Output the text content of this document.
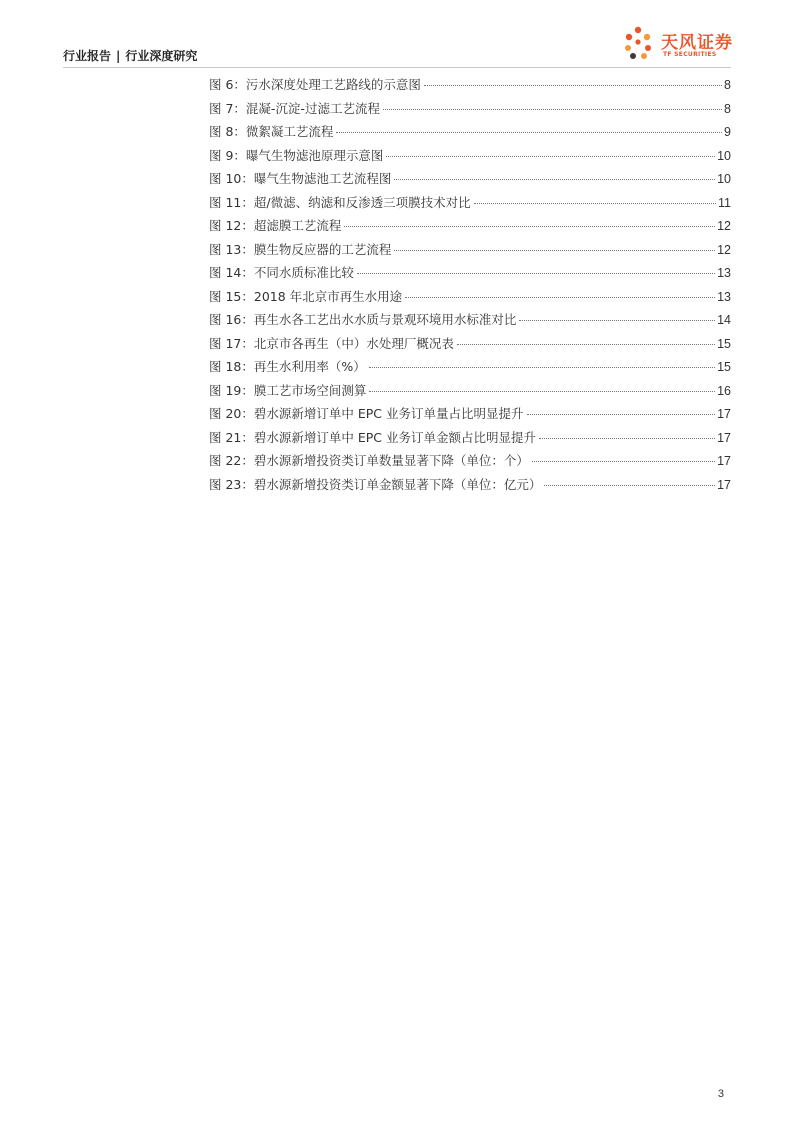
行业报告 | 行业深度研究
天风证券
TF SECURITIES
图 6：污水深度处理工艺路线的示意图	8
图 7：混凝-沉淀-过滤工艺流程	8
图 8：微絮凝工艺流程	9
图 9：曝气生物滤池原理示意图	10
图 10：曝气生物滤池工艺流程图	10
图 11：超/微滤、纳滤和反渗透三项膜技术对比	11
图 12：超滤膜工艺流程	12
图 13：膜生物反应器的工艺流程	12
图 14：不同水质标准比较	13
图 15：2018 年北京市再生水用途	13
图 16：再生水各工艺出水水质与景观环境用水标准对比	14
图 17：北京市各再生（中）水处理厂概况表	15
图 18：再生水利用率（%）	15
图 19：膜工艺市场空间测算	16
图 20：碧水源新增订单中 EPC 业务订单量占比明显提升	17
图 21：碧水源新增订单中 EPC 业务订单金额占比明显提升	17
图 22：碧水源新增投资类订单数量显著下降（单位：个）	17
图 23：碧水源新增投资类订单金额显著下降（单位：亿元）	17
3
